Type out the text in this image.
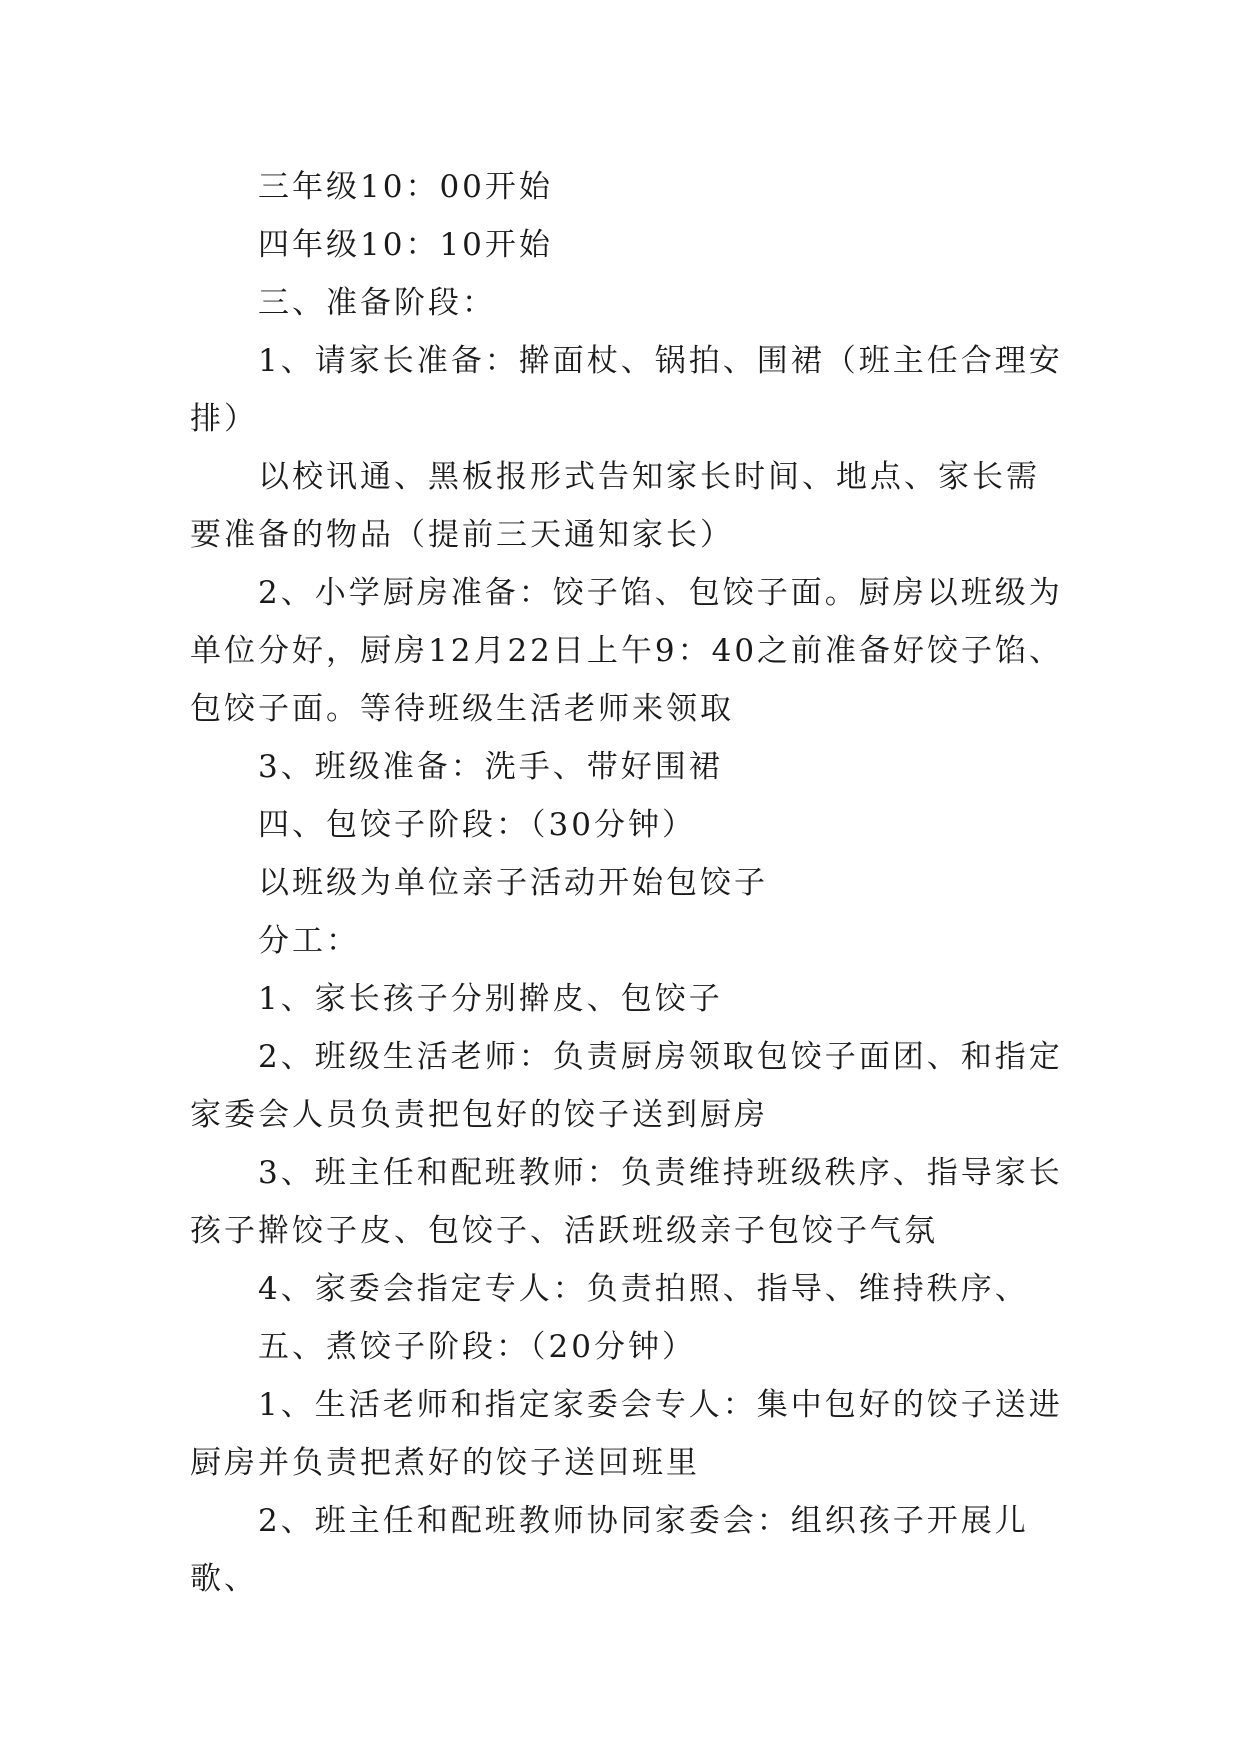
三年级10：00开始

四年级10：10开始

三、准备阶段：

1、请家长准备：擀面杖、锅拍、围裙（班主任合理安排）

以校讯通、黑板报形式告知家长时间、地点、家长需要准备的物品（提前三天通知家长）

2、小学厨房准备：饺子馅、包饺子面。厨房以班级为单位分好，厨房12月22日上午9：40之前准备好饺子馅、包饺子面。等待班级生活老师来领取

3、班级准备：洗手、带好围裙

四、包饺子阶段：（30分钟）

以班级为单位亲子活动开始包饺子

分工：

1、家长孩子分别擀皮、包饺子

2、班级生活老师：负责厨房领取包饺子面团、和指定家委会人员负责把包好的饺子送到厨房

3、班主任和配班教师：负责维持班级秩序、指导家长孩子擀饺子皮、包饺子、活跃班级亲子包饺子气氛

4、家委会指定专人：负责拍照、指导、维持秩序、

五、煮饺子阶段：（20分钟）

1、生活老师和指定家委会专人：集中包好的饺子送进厨房并负责把煮好的饺子送回班里

2、班主任和配班教师协同家委会：组织孩子开展儿歌、
